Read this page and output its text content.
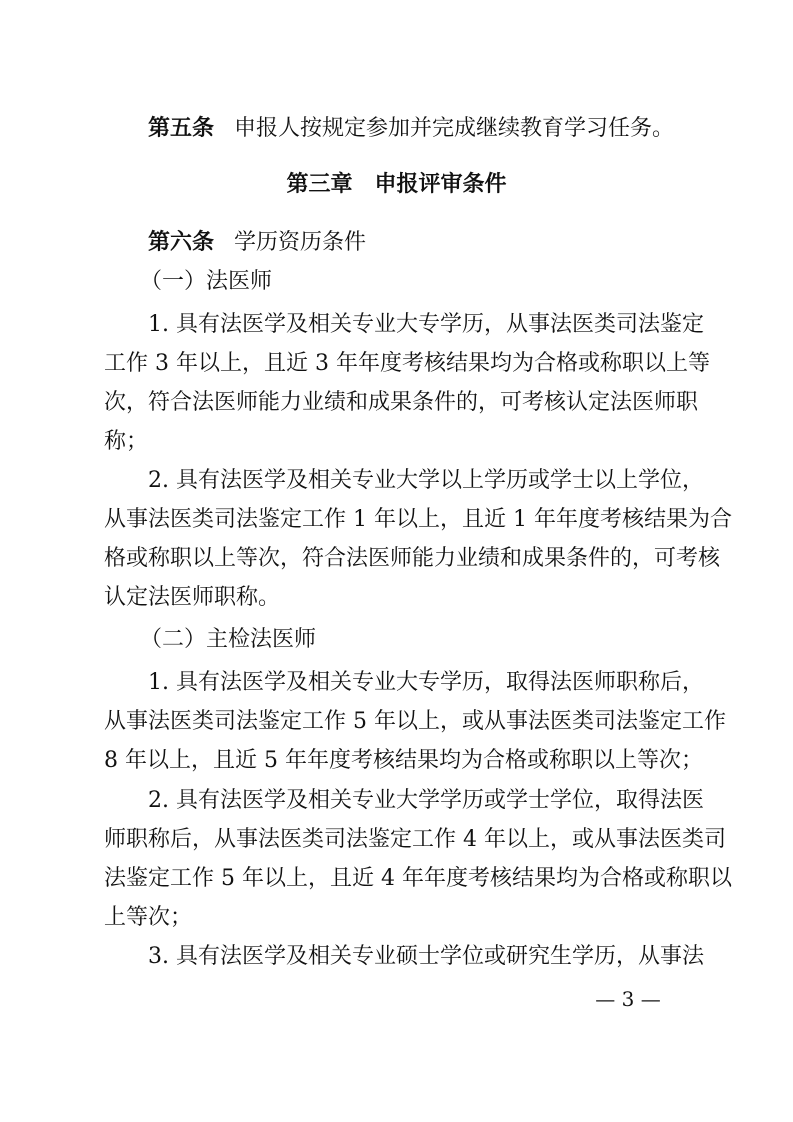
第五条 申报人按规定参加并完成继续教育学习任务。
第三章　申报评审条件
第六条 学历资历条件
（一）法医师
1. 具有法医学及相关专业大专学历，从事法医类司法鉴定
工作 3 年以上，且近 3 年年度考核结果均为合格或称职以上等
次，符合法医师能力业绩和成果条件的，可考核认定法医师职
称；
2. 具有法医学及相关专业大学以上学历或学士以上学位，
从事法医类司法鉴定工作 1 年以上，且近 1 年年度考核结果为合
格或称职以上等次，符合法医师能力业绩和成果条件的，可考核
认定法医师职称。
（二）主检法医师
1. 具有法医学及相关专业大专学历，取得法医师职称后，
从事法医类司法鉴定工作 5 年以上，或从事法医类司法鉴定工作
8 年以上，且近 5 年年度考核结果均为合格或称职以上等次；
2. 具有法医学及相关专业大学学历或学士学位，取得法医
师职称后，从事法医类司法鉴定工作 4 年以上，或从事法医类司
法鉴定工作 5 年以上，且近 4 年年度考核结果均为合格或称职以
上等次；
3. 具有法医学及相关专业硕士学位或研究生学历，从事法
— 3 —
